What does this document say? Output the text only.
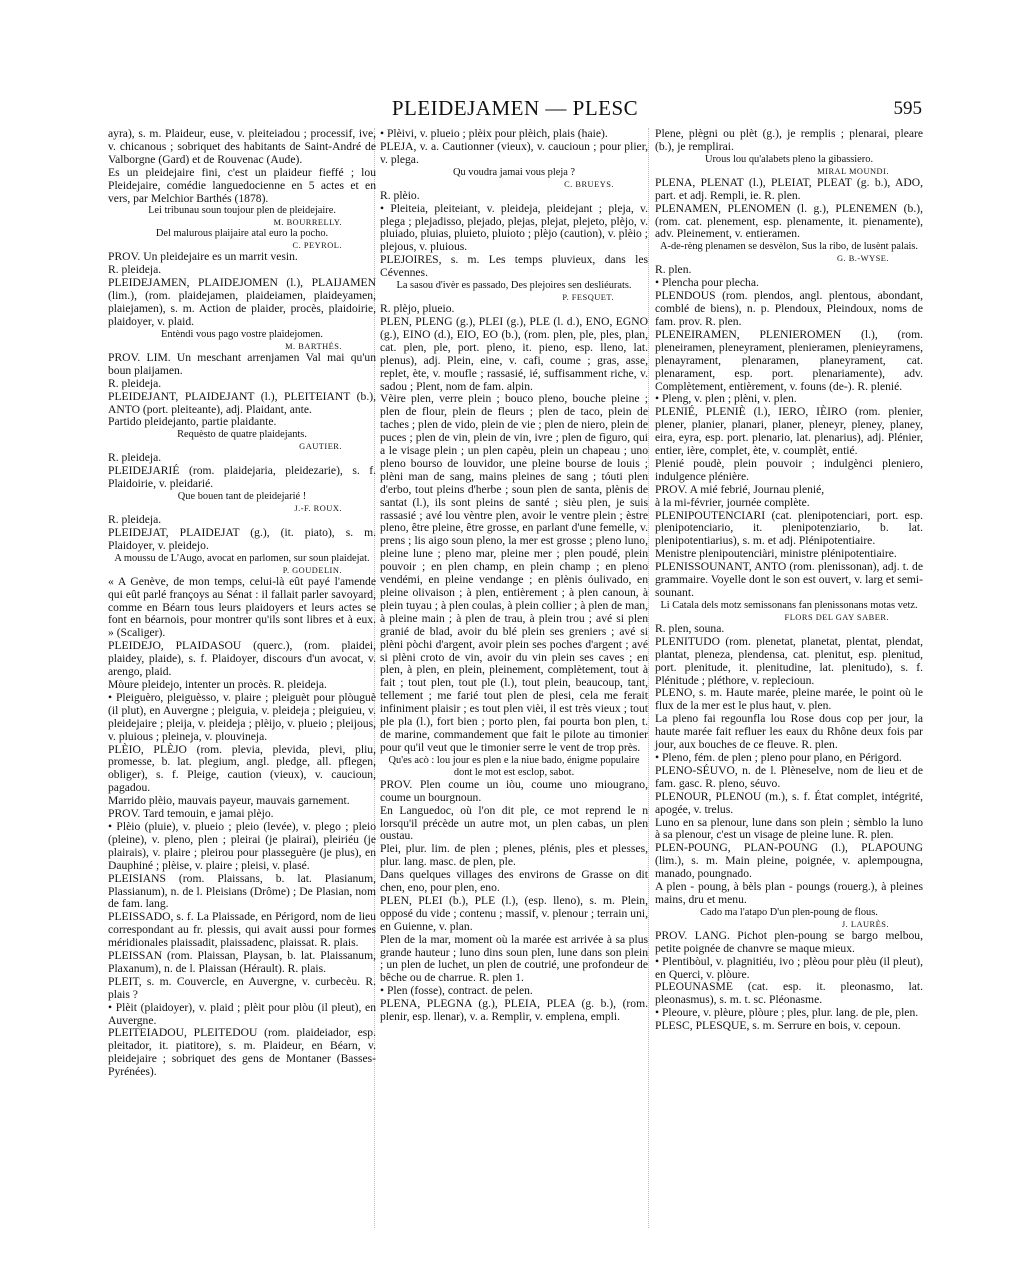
PLEIDEJAMEN — PLESC	595

ayra), s. m. Plaideur, euse, v. pleiteiadou ; processif, ive, v. chicanous ; sobriquet des habitants de Saint-André de Valborgne (Gard) et de Rouvenac (Aude).

Es un pleidejaire fini, c'est un plaideur fieffé ; lou Pleidejaire, comédie languedocienne en 5 actes et en vers, par Melchior Barthés (1878).

Lei tribunau soun toujour plen de pleidejaire.

M. BOURRELLY.

Del malurous plaijaire atal euro la pocho.

C. PEYROL.

PROV. Un pleidejaire es un marrit vesin.

R. pleideja.

PLEIDEJAMEN, PLAIDEJOMEN (l.), PLAIJAMEN (lim.), (rom. plaidejamen, plaideiamen, plaideyamen, plaiejamen), s. m. Action de plaider, procès, plaidoirie, plaidoyer, v. plaid.

Entèndi vous pago vostre plaidejomen.

M. BARTHÉS.

PROV. LIM. Un meschant arrenjamen Val mai qu'un boun plaijamen.

R. pleideja.

PLEIDEJANT, PLAIDEJANT (l.), PLEITEIANT (b.), ANTO (port. pleiteante), adj. Plaidant, ante.

Partido pleidejanto, partie plaidante.

Requèsto de quatre plaidejants.

GAUTIER.

R. pleideja.

PLEIDEJARIÉ (rom. plaidejaria, pleidezarie), s. f. Plaidoirie, v. pleidarié.

Que bouen tant de pleidejarié !

J.-F. ROUX.

R. pleideja.

PLEIDEJAT, PLAIDEJAT (g.), (it. piato), s. m. Plaidoyer, v. pleidejo.

A moussu de L'Augo, avocat en parlomen, sur soun plaidejat.

P. GOUDELIN.

« A Genève, de mon temps, celui-là eût payé l'amende qui eût parlé françoys au Sénat : il fallait parler savoyard, comme en Béarn tous leurs plaidoyers et leurs actes se font en béarnois, pour montrer qu'ils sont libres et à eux. » (Scaliger).

PLEIDEJO, PLAIDASOU (querc.), (rom. plaidei, plaidey, plaide), s. f. Plaidoyer, discours d'un avocat, v. arengo, plaid.

Mòure pleidejo, intenter un procès. R. pleideja.

• Pleiguèro, pleiguèsso, v. plaire ; pleiguèt pour plòuguè (il plut), en Auvergne ; pleiguia, v. pleideja ; pleiguieu, v. pleidejaire ; pleija, v. pleideja ; plèijo, v. plueio ; pleijous, v. pluious ; pleineja, v. plouvineja.

PLÈIO, PLÈJO (rom. plevia, plevida, plevi, pliu, promesse, b. lat. plegium, angl. pledge, all. pflegen, obliger), s. f. Pleige, caution (vieux), v. caucioun, pagadou.

Marrido plèio, mauvais payeur, mauvais garnement.

PROV. Tard temouin, e jamai plèjo.

• Plèio (pluie), v. plueio ; pleio (levée), v. plego ; pleio (pleine), v. pleno, plen ; pleirai (je plairai), pleiriéu (je plairais), v. plaire ; pleirou pour plasseguère (je plus), en Dauphiné ; plèise, v. plaire ; pleisi, v. plasé.

PLEISIANS (rom. Plaissans, b. lat. Plasianum, Plassianum), n. de l. Pleisians (Drôme) ; De Plasian, nom de fam. lang.

PLEISSADO, s. f. La Plaissade, en Périgord, nom de lieu correspondant au fr. plessis, qui avait aussi pour formes méridionales plaissadit, plaissadenc, plaissat. R. plais.

PLEISSAN (rom. Plaissan, Playsan, b. lat. Plaissanum, Plaxanum), n. de l. Plaissan (Hérault). R. plais.

PLEIT, s. m. Couvercle, en Auvergne, v. curbecèu. R. plais ?

• Plèit (plaidoyer), v. plaid ; plèit pour plòu (il pleut), en Auvergne.

PLEITEIADOU, PLEITEDOU (rom. plaideiador, esp. pleitador, it. piatitore), s. m. Plaideur, en Béarn, v. pleidejaire ; sobriquet des gens de Montaner (Basses-Pyrénées).

• Plèivi, v. plueio ; plèix pour plèich, plais (haie).

PLEJA, v. a. Cautionner (vieux), v. caucioun ; pour plier, v. plega.

Qu voudra jamai vous pleja ?

C. BRUEYS.

R. plèio.

• Pleiteia, pleiteiant, v. pleideja, pleidejant ; pleja, v. plega ; plejadisso, plejado, plejas, plejat, plejeto, plèjo, v. pluiado, pluias, pluieto, pluioto ; plèjo (caution), v. plèio ; plejous, v. pluious.

PLEJOIRES, s. m. Les temps pluvieux, dans les Cévennes.

La sasou d'ivèr es passado, Des plejoires sen desliéurats.

P. FESQUET.

R. plèjo, plueio.

PLEN, PLENG (g.), PLEI (g.), PLE (l. d.), ENO, EGNO (g.), EINO (d.), EIO, EO (b.), (rom. plen, ple, ples, plan, cat. plen, ple, port. pleno, it. pieno, esp. lleno, lat. plenus), adj. Plein, eine, v. cafi, coume ; gras, asse, replet, ète, v. moufle ; rassasié, ié, suffisamment riche, v. sadou ; Plent, nom de fam. alpin.

Vèire plen, verre plein ; bouco pleno, bouche pleine ; plen de flour, plein de fleurs ; plen de taco, plein de taches ; plen de vido, plein de vie ; plen de niero, plein de puces ; plen de vin, plein de vin, ivre ; plen de fìguro, qui a le visage plein ; un plen capèu, plein un chapeau ; uno pleno bourso de louvidor, une pleine bourse de louis ; plèni man de sang, mains pleines de sang ; tóuti plen d'erbo, tout pleins d'herbe ; soun plen de santa, plènis de santat (l.), ils sont pleins de santé ; sièu plen, je suis rassasié ; avé lou vèntre plen, avoir le ventre plein ; èstre pleno, être pleine, être grosse, en parlant d'une femelle, v. prens ; lis aigo soun pleno, la mer est grosse ; pleno luno, pleine lune ; pleno mar, pleine mer ; plen poudé, plein pouvoir ; en plen champ, en plein champ ; en pleno vendémi, en pleine vendange ; en plènis óulivado, en pleine olivaison ; à plen, entièrement ; à plen canoun, à plein tuyau ; à plen coulas, à plein collier ; à plen de man, à pleine main ; à plen de trau, à plein trou ; avé si plen granié de blad, avoir du blé plein ses greniers ; avé si plèni pòchi d'argent, avoir plein ses poches d'argent ; avé si plèni croto de vin, avoir du vin plein ses caves ; en plen, à plen, en plein, pleinement, complètement, tout à fait ; tout plen, tout ple (l.), tout plein, beaucoup, tant, tellement ; me farié tout plen de plesi, cela me ferait infiniment plaisir ; es tout plen vièi, il est très vieux ; tout ple pla (l.), fort bien ; porto plen, fai pourta bon plen, t. de marine, commandement que fait le pilote au timonier pour qu'il veut que le timonier serre le vent de trop près.

Qu'es acò : lou jour es plen e la niue bado, énigme populaire dont le mot est esclop, sabot.

PROV. Plen coume un iòu, coume uno miougrano, coume un bourgnoun.

En Languedoc, où l'on dit ple, ce mot reprend le n lorsqu'il précède un autre mot, un plen cabas, un plen oustau.

Plei, plur. lim. de plen ; plenes, plénis, ples et plesses, plur. lang. masc. de plen, ple.

Dans quelques villages des environs de Grasse on dit chen, eno, pour plen, eno.

PLEN, PLEI (b.), PLE (l.), (esp. lleno), s. m. Plein, opposé du vide ; contenu ; massif, v. plenour ; terrain uni, en Guienne, v. plan.

Plen de la mar, moment où la marée est arrivée à sa plus grande hauteur ; luno dins soun plen, lune dans son plein ; un plen de luchet, un plen de coutrié, une profondeur de bêche ou de charrue. R. plen 1.

• Plen (fosse), contract. de pelen.

PLENA, PLEGNA (g.), PLEIA, PLEA (g. b.), (rom. plenir, esp. llenar), v. a. Remplir, v. emplena, empli.

Plene, plègni ou plèt (g.), je remplis ; plenarai, pleare (b.), je remplirai.

Urous lou qu'alabets pleno la gibassiero.

MIRAL MOUNDI.

PLENA, PLENAT (l.), PLEIAT, PLEAT (g. b.), ADO, part. et adj. Rempli, ie. R. plen.

PLENAMEN, PLENOMEN (l. g.), PLENEMEN (b.), (rom. cat. plenement, esp. plenamente, it. pienamente), adv. Pleinement, v. entieramen.

A-de-rèng plenamen se desvèlon, Sus la ribo, de lusènt palais.

G. B.-WYSE.

R. plen.

• Plencha pour plecha.

PLENDOUS (rom. plendos, angl. plentous, abondant, comblé de biens), n. p. Plendoux, Pleindoux, noms de fam. prov. R. plen.

PLENEIRAMEN, PLENIEROMEN (l.), (rom. pleneiramen, pleneyrament, plenieramen, plenieyramens, plenayrament, plenaramen, planeyrament, cat. plenarament, esp. port. plenariamente), adv. Complètement, entièrement, v. founs (de-). R. plenié.

• Pleng, v. plen ; plèni, v. plen.

PLENIÉ, PLENIÈ (l.), IERO, IÈIRO (rom. plenier, plener, planier, planari, planer, pleneyr, pleney, planey, eira, eyra, esp. port. plenario, lat. plenarius), adj. Plénier, entier, ière, complet, ète, v. coumplèt, entié.

Plenié poudè, plein pouvoir ; indulgènci pleniero, indulgence plénière.

PROV. A mié febrié, Journau plenié,

à la mi-février, journée complète.

PLENIPOUTENCIARI (cat. plenipotenciari, port. esp. plenipotenciario, it. plenipotenziario, b. lat. plenipotentiarius), s. m. et adj. Plénipotentiaire.

Menistre plenipoutenciàri, ministre plénipotentiaire.

PLENISSOUNANT, ANTO (rom. plenissonan), adj. t. de grammaire. Voyelle dont le son est ouvert, v. larg et semi-sounant.

Li Catala dels motz semissonans fan plenissonans motas vetz.

FLORS DEL GAY SABER.

R. plen, souna.

PLENITUDO (rom. plenetat, planetat, plentat, plendat, plantat, pleneza, plendensa, cat. plenitut, esp. plenitud, port. plenitude, it. plenitudine, lat. plenitudo), s. f. Plénitude ; pléthore, v. replecioun.

PLENO, s. m. Haute marée, pleine marée, le point où le flux de la mer est le plus haut, v. plen.

La pleno fai regounfla lou Rose dous cop per jour, la haute marée fait refluer les eaux du Rhône deux fois par jour, aux bouches de ce fleuve. R. plen.

• Pleno, fém. de plen ; pleno pour plano, en Périgord.

PLENO-SÉUVO, n. de l. Plèneselve, nom de lieu et de fam. gasc. R. pleno, séuvo.

PLENOUR, PLENOU (m.), s. f. État complet, intégrité, apogée, v. trelus.

Luno en sa plenour, lune dans son plein ; sèmblo la luno à sa plenour, c'est un visage de pleine lune. R. plen.

PLEN-POUNG, PLAN-POUNG (l.), PLAPOUNG (lim.), s. m. Main pleine, poignée, v. aplempougna, manado, poungnado.

A plen - poung, à bèls plan - poungs (rouerg.), à pleines mains, dru et menu.

Cado ma l'atapo D'un plen-poung de flous.

J. LAURÈS.

PROV. LANG. Pichot plen-poung se bargo melbou, petite poignée de chanvre se maque mieux.

• Plentibòul, v. plagnitiéu, ivo ; plèou pour plèu (il pleut), en Querci, v. plòure.

PLEOUNASME (cat. esp. it. pleonasmo, lat. pleonasmus), s. m. t. sc. Pléonasme.

• Pleoure, v. plèure, plòure ; ples, plur. lang. de ple, plen.

PLESC, PLESQUE, s. m. Serrure en bois, v. cepoun.
